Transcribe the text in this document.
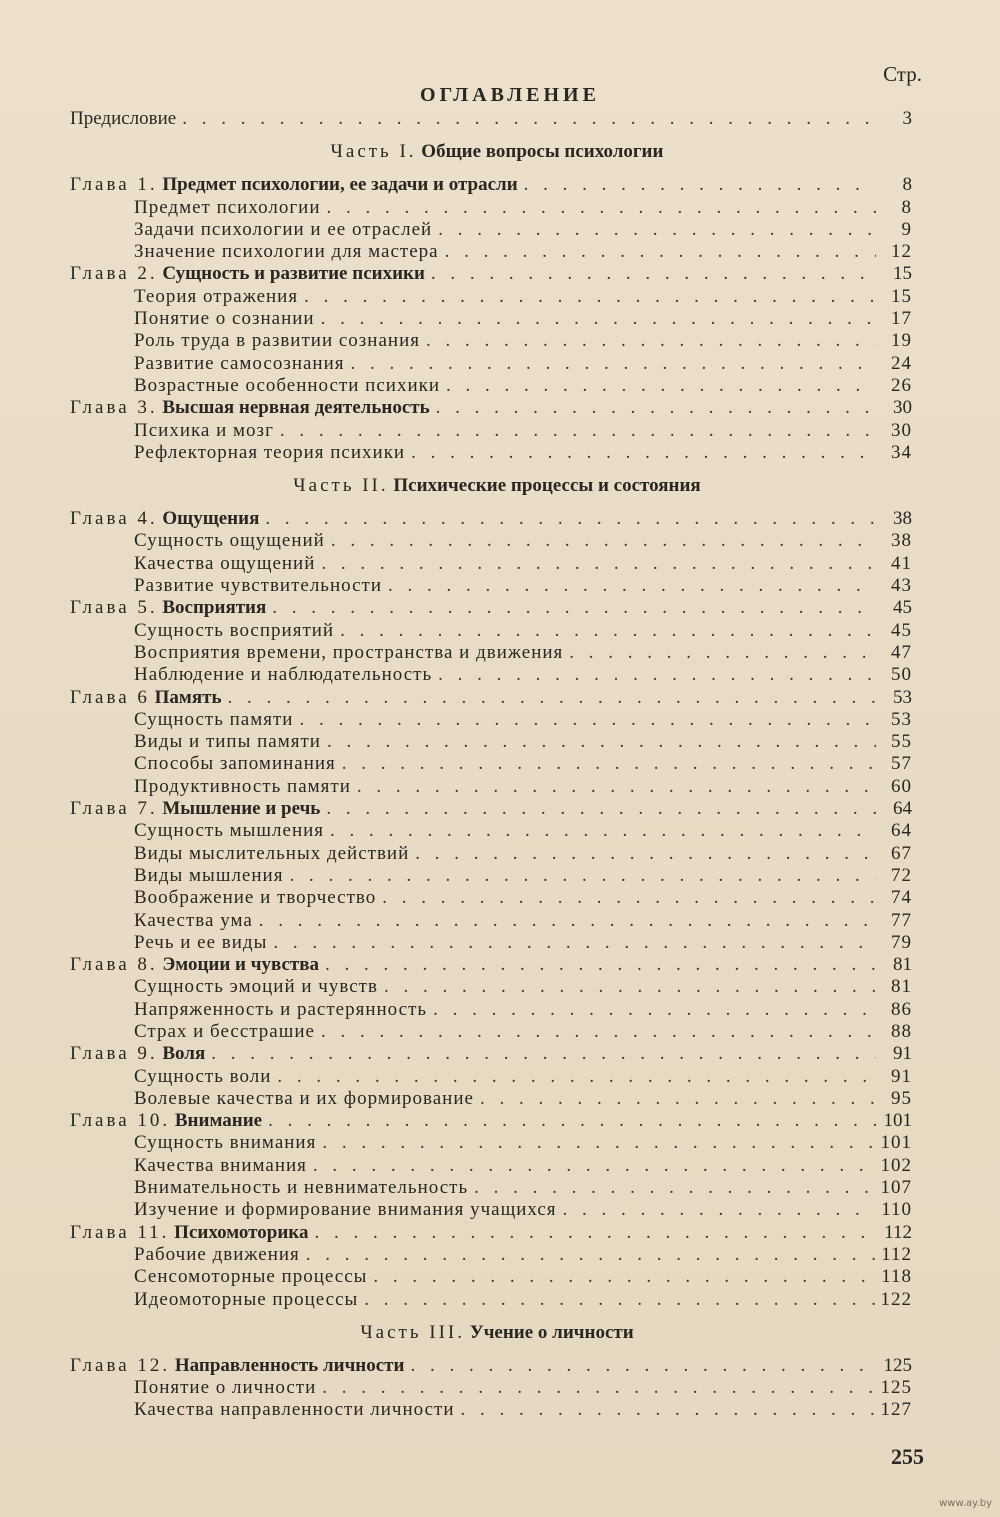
Стр.
ОГЛАВЛЕНИЕ
Предисловие . . .	3
Часть I. Общие вопросы психологии
Глава 1. Предмет психологии, ее задачи и отрасли . . .	8
Предмет психологии . . .	8
Задачи психологии и ее отраслей . . .	9
Значение психологии для мастера . . .	12
Глава 2. Сущность и развитие психики . . .	15
Теория отражения . . .	15
Понятие о сознании . . .	17
Роль труда в развитии сознания . . .	19
Развитие самосознания . . .	24
Возрастные особенности психики . . .	26
Глава 3. Высшая нервная деятельность . . .	30
Психика и мозг . . .	30
Рефлекторная теория психики . . .	34
Часть II. Психические процессы и состояния
Глава 4. Ощущения . . .	38
Сущность ощущений . . .	38
Качества ощущений . . .	41
Развитие чувствительности . . .	43
Глава 5. Восприятия . . .	45
Сущность восприятий . . .	45
Восприятия времени, пространства и движения . . .	47
Наблюдение и наблюдательность . . .	50
Глава 6 Память . . .	53
Сущность памяти . . .	53
Виды и типы памяти . . .	55
Способы запоминания . . .	57
Продуктивность памяти . . .	60
Глава 7. Мышление и речь . . .	64
Сущность мышления . . .	64
Виды мыслительных действий . . .	67
Виды мышления . . .	72
Воображение и творчество . . .	74
Качества ума . . .	77
Речь и ее виды . . .	79
Глава 8. Эмоции и чувства . . .	81
Сущность эмоций и чувств . . .	81
Напряженность и растерянность . . .	86
Страх и бесстрашие . . .	88
Глава 9. Воля . . .	91
Сущность воли . . .	91
Волевые качества и их формирование . . .	95
Глава 10. Внимание . . .	101
Сущность внимания . . .	101
Качества внимания . . .	102
Внимательность и невнимательность . . .	107
Изучение и формирование внимания учащихся . . .	110
Глава 11. Психомоторика . . .	112
Рабочие движения . . .	112
Сенсомоторные процессы . . .	118
Идеомоторные процессы . . .	122
Часть III. Учение о личности
Глава 12. Направленность личности . . .	125
Понятие о личности . . .	125
Качества направленности личности . . .	127
255
www.ay.by
